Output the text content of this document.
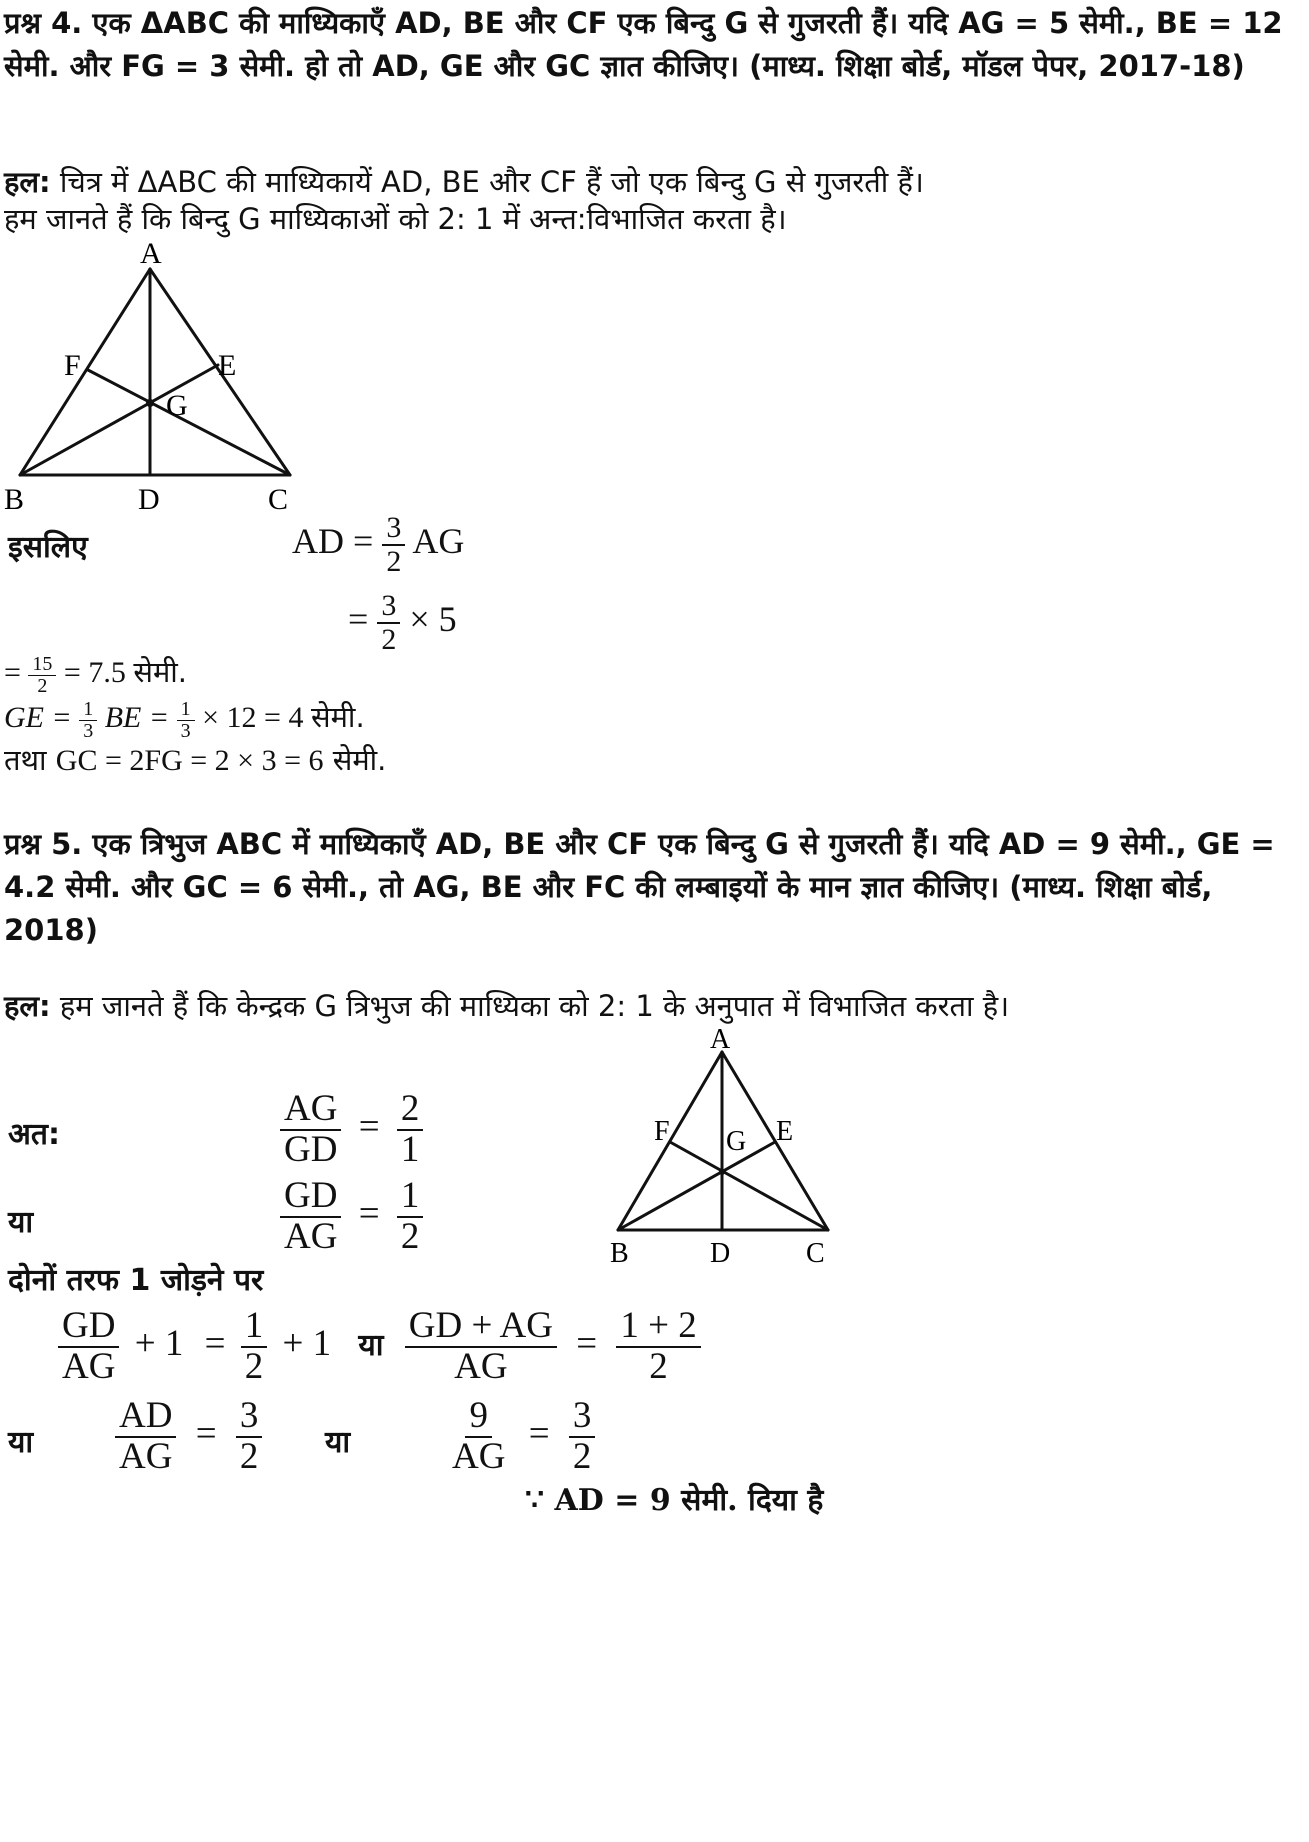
प्रश्न 4. एक ΔABC की माध्यिकाएँ AD, BE और CF एक बिन्दु G से गुजरती हैं। यदि AG = 5 सेमी., BE = 12 सेमी. और FG = 3 सेमी. हो तो AD, GE और GC ज्ञात कीजिए। (माध्य. शिक्षा बोर्ड, मॉडल पेपर, 2017-18)
हल: चित्र में ΔABC की माध्यिकायें AD, BE और CF हैं जो एक बिन्दु G से गुजरती हैं।
हम जानते हैं कि बिन्दु G माध्यिकाओं को 2: 1 में अन्त:विभाजित करता है।
A
F	E
G
B	D	C
इसलिए	AD = $\frac{3}{2}$ AG
= $\frac{3}{2} \times 5$
= $\frac{15}{2} = 7.5$ सेमी.
GE = $\frac{1}{3}$ BE = $\frac{1}{3} \times 12 = 4$ सेमी.
तथा GC = 2FG = 2 × 3 = 6 सेमी.
प्रश्न 5. एक त्रिभुज ABC में माध्यिकाएँ AD, BE और CF एक बिन्दु G से गुजरती हैं। यदि AD = 9 सेमी., GE = 4.2 सेमी. और GC = 6 सेमी., तो AG, BE और FC की लम्बाइयों के मान ज्ञात कीजिए। (माध्य. शिक्षा बोर्ड, 2018)
हल: हम जानते हैं कि केन्द्रक G त्रिभुज की माध्यिका को 2: 1 के अनुपात में विभाजित करता है।
A
F	E
G
B	D	C
अत:	$\frac{AG}{GD} = \frac{2}{1}$
या	$\frac{GD}{AG} = \frac{1}{2}$
दोनों तरफ 1 जोड़ने पर
$\frac{GD}{AG} + 1 = \frac{1}{2} + 1$ या $\frac{GD + AG}{AG} = \frac{1 + 2}{2}$
या $\frac{AD}{AG} = \frac{3}{2}$ या	$\frac{9}{AG} = \frac{3}{2}$
∵ AD = 9 सेमी. दिया है
